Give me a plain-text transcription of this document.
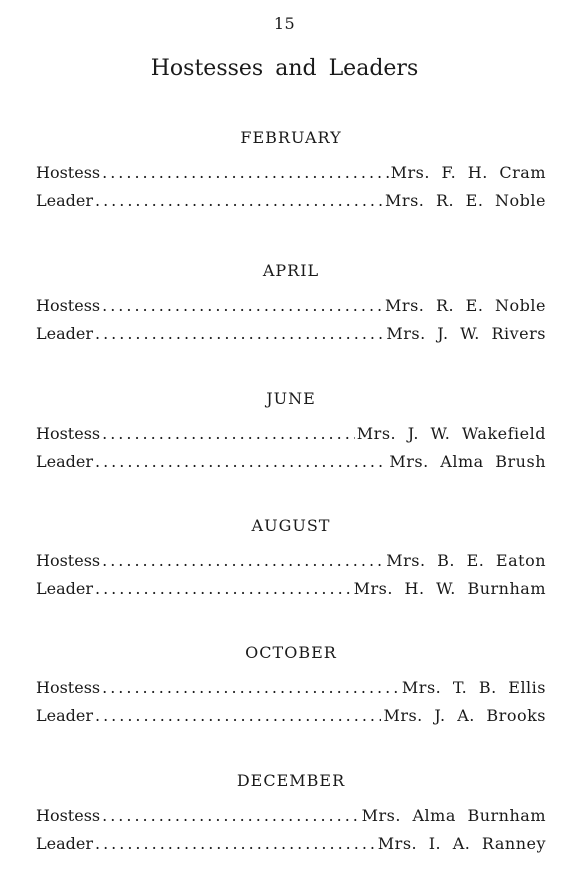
15
Hostesses and Leaders
FEBRUARY
Hostess .....	Mrs. F. H. Cram
Leader .....	Mrs. R. E. Noble
APRIL
Hostess .....	Mrs. R. E. Noble
Leader .....	Mrs. J. W. Rivers
JUNE
Hostess .....	Mrs. J. W. Wakefield
Leader .....	Mrs. Alma Brush
AUGUST
Hostess .....	Mrs. B. E. Eaton
Leader .....	Mrs. H. W. Burnham
OCTOBER
Hostess .....	Mrs. T. B. Ellis
Leader .....	Mrs. J. A. Brooks
DECEMBER
Hostess .....	Mrs. Alma Burnham
Leader .....	Mrs. I. A. Ranney
